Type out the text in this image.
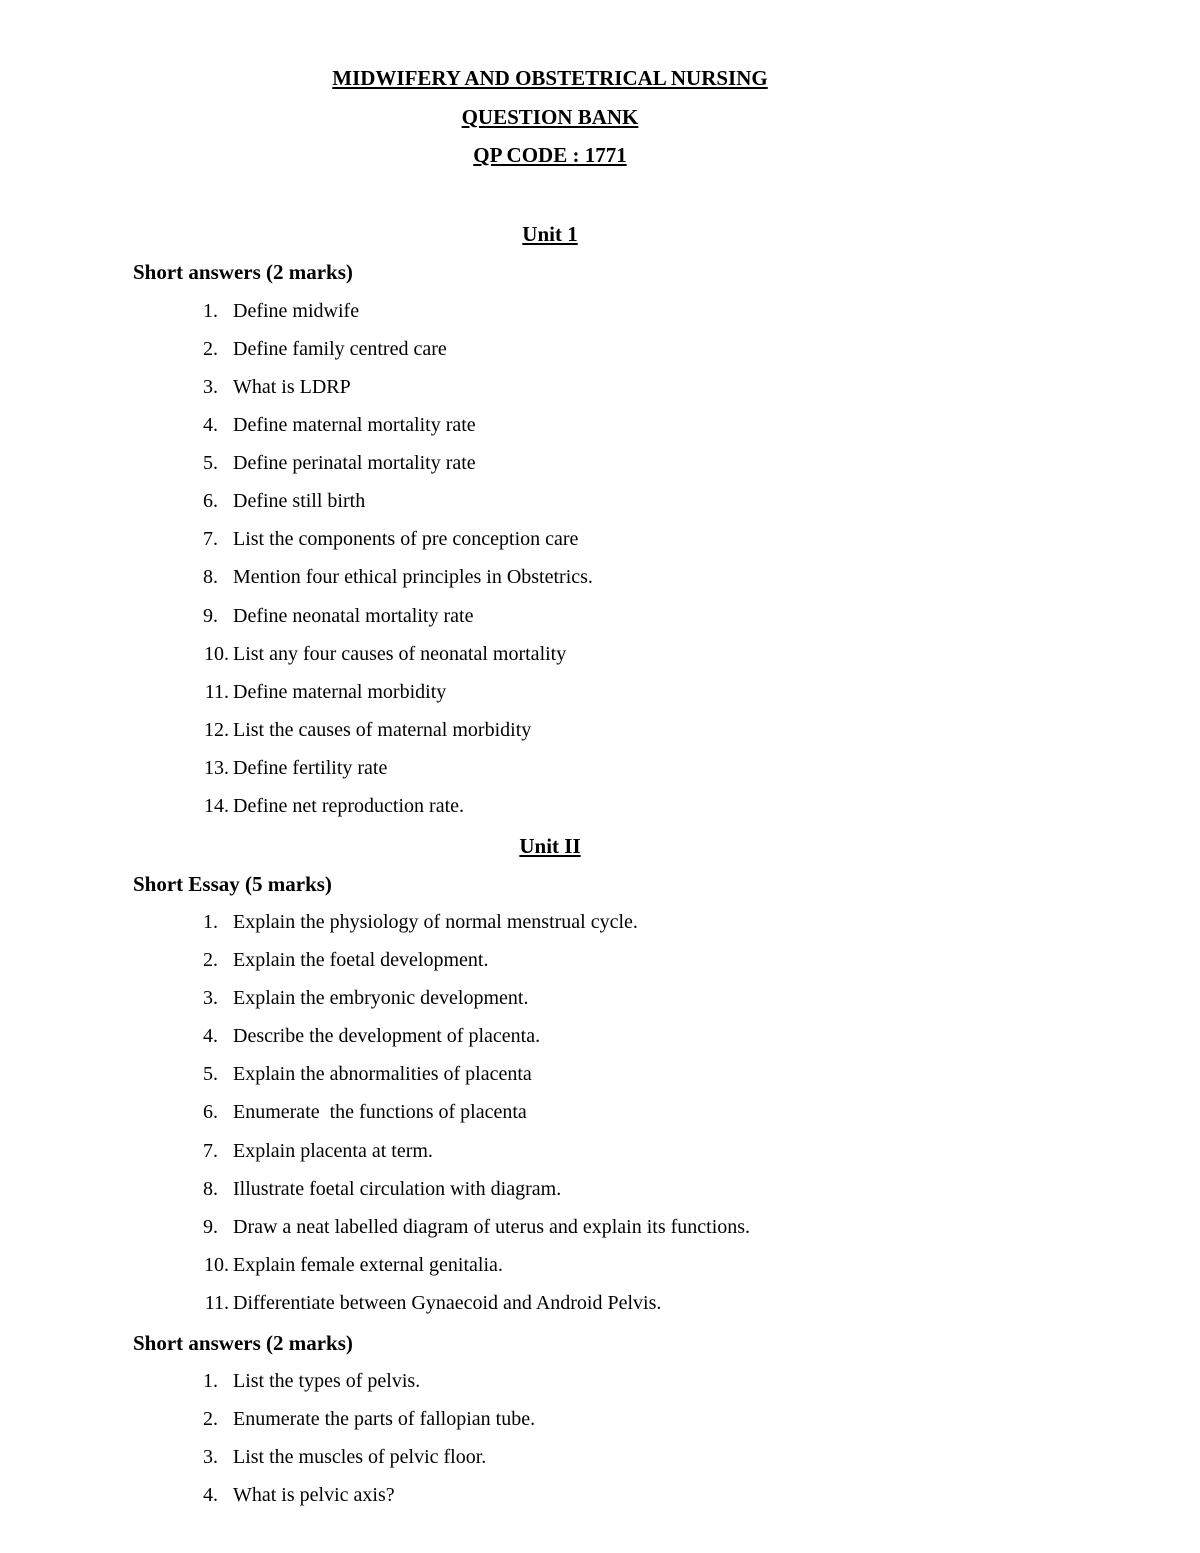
MIDWIFERY AND OBSTETRICAL NURSING
QUESTION BANK
QP CODE : 1771
Unit 1
Short answers (2 marks)
1. Define midwife
2. Define family centred care
3. What is LDRP
4. Define maternal mortality rate
5. Define perinatal mortality rate
6. Define still birth
7. List the components of pre conception care
8. Mention four ethical principles in Obstetrics.
9. Define neonatal mortality rate
10. List any four causes of neonatal mortality
11. Define maternal morbidity
12. List the causes of maternal morbidity
13. Define fertility rate
14. Define net reproduction rate.
Unit II
Short Essay (5 marks)
1. Explain the physiology of normal menstrual cycle.
2. Explain the foetal development.
3. Explain the embryonic development.
4. Describe the development of placenta.
5. Explain the abnormalities of placenta
6. Enumerate  the functions of placenta
7. Explain placenta at term.
8. Illustrate foetal circulation with diagram.
9. Draw a neat labelled diagram of uterus and explain its functions.
10. Explain female external genitalia.
11. Differentiate between Gynaecoid and Android Pelvis.
Short answers (2 marks)
1. List the types of pelvis.
2. Enumerate the parts of fallopian tube.
3. List the muscles of pelvic floor.
4. What is pelvic axis?
